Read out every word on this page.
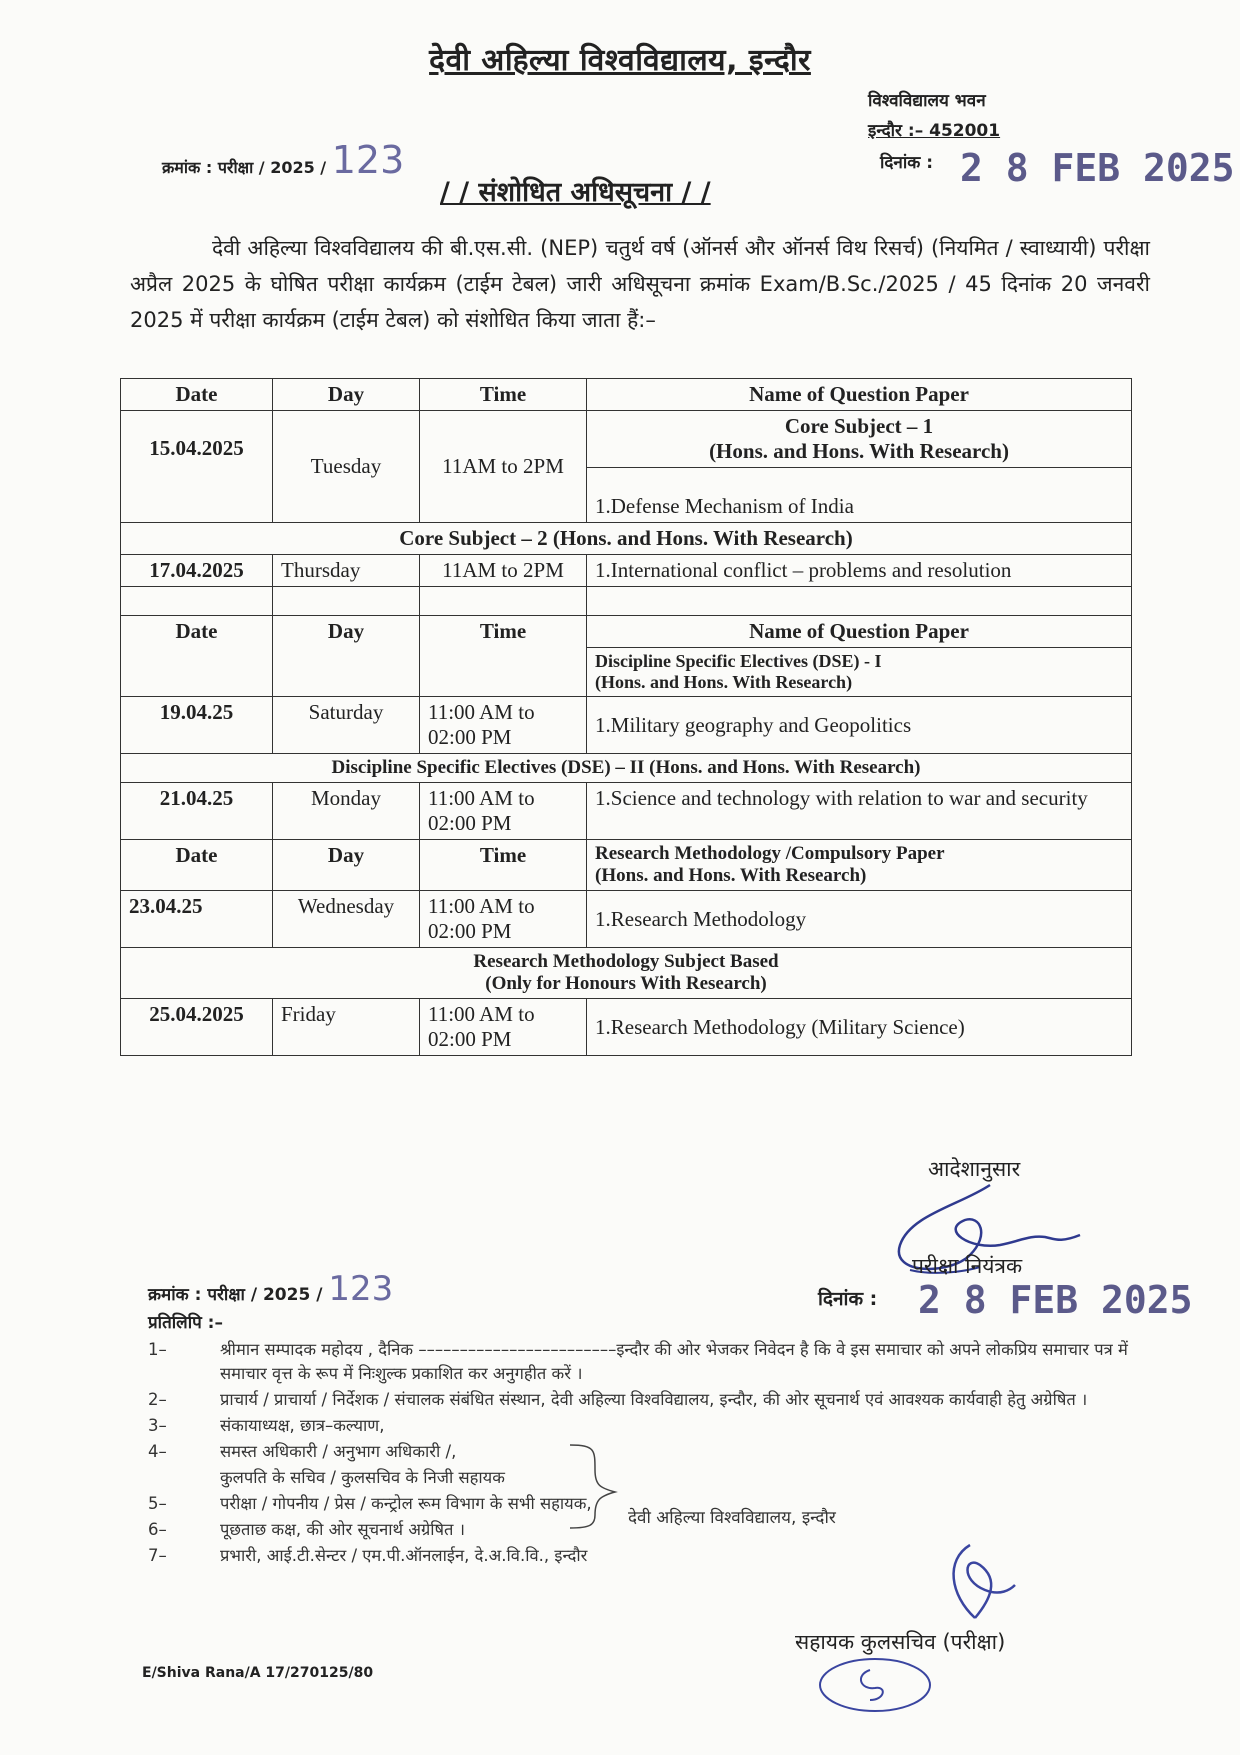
देवी अहिल्या विश्वविद्यालय, इन्दौर
विश्वविद्यालय भवन
इन्दौर :– 452001
क्रमांक : परीक्षा / 2025 / 123	दिनांक : 2 8 FEB 2025
/ / संशोधित अधिसूचना / /
देवी अहिल्या विश्वविद्यालय की बी.एस.सी. (NEP) चतुर्थ वर्ष (ऑनर्स और ऑनर्स विथ रिसर्च) (नियमित / स्वाध्यायी) परीक्षा अप्रैल 2025 के घोषित परीक्षा कार्यक्रम (टाईम टेबल) जारी अधिसूचना क्रमांक Exam/B.Sc./2025 / 45 दिनांक 20 जनवरी 2025 में परीक्षा कार्यक्रम (टाईम टेबल) को संशोधित किया जाता हैं:–
Date	Day	Time	Name of Question Paper
15.04.2025	Tuesday	11AM to 2PM	Core Subject – 1
(Hons. and Hons. With Research)

			1.Defense Mechanism of India
Core Subject – 2 (Hons. and Hons. With Research)			
17.04.2025	Thursday	11AM to 2PM	1.International conflict – problems and resolution

Date	Day	Time	Name of Question Paper

			Discipline Specific Electives (DSE) - I
(Hons. and Hons. With Research)

19.04.25	Saturday	11:00 AM to 02:00 PM	1.Military geography and Geopolitics
Discipline Specific Electives (DSE) – II (Hons. and Hons. With Research)			
21.04.25	Monday	11:00 AM to 02:00 PM	1.Science and technology with relation to war and security
Date	Day	Time	Research Methodology /Compulsory Paper
(Hons. and Hons. With Research)

23.04.25	Wednesday	11:00 AM to 02:00 PM	1.Research Methodology

Research Methodology Subject Based
(Only for Honours With Research)			

25.04.2025	Friday	11:00 AM to 02:00 PM	1.Research Methodology (Military Science)
आदेशानुसार
परीक्षा नियंत्रक
दिनांक : 2 8 FEB 2025
क्रमांक : परीक्षा / 2025 / 123
प्रतिलिपि :–
1–	श्रीमान सम्पादक महोदय , दैनिक ––––––––––––––––––––––––इन्दौर की ओर भेजकर निवेदन है कि वे इस समाचार को अपने लोकप्रिय समाचार पत्र में समाचार वृत्त के रूप में निःशुल्क प्रकाशित कर अनुगहीत करें ।
2–	प्राचार्य / प्राचार्या / निर्देशक / संचालक संबंधित संस्थान, देवी अहिल्या विश्वविद्यालय, इन्दौर, की ओर सूचनार्थ एवं आवश्यक कार्यवाही हेतु अग्रेषित ।
3–	संकायाध्यक्ष, छात्र–कल्याण,
4–	समस्त अधिकारी / अनुभाग अधिकारी /,
कुलपति के सचिव / कुलसचिव के निजी सहायक
5–	परीक्षा / गोपनीय / प्रेस / कन्ट्रोल रूम विभाग के सभी सहायक,
6–	पूछताछ कक्ष, की ओर सूचनार्थ अग्रेषित ।
7–	प्रभारी, आई.टी.सेन्टर / एम.पी.ऑनलाईन, दे.अ.वि.वि., इन्दौर
देवी अहिल्या विश्वविद्यालय, इन्दौर
सहायक कुलसचिव (परीक्षा)
E/Shiva Rana/A 17/270125/80
